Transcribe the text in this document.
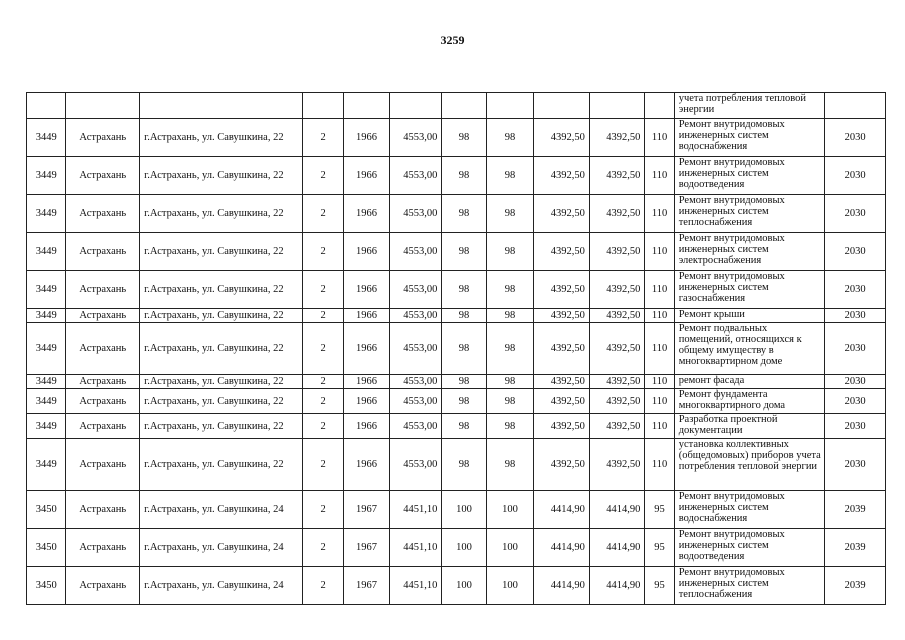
3259
											учета потребления тепловой энергии	
3449	Астрахань	г.Астрахань, ул. Савушкина, 22	2	1966	4553,00	98	98	4392,50	4392,50	110	Ремонт внутридомовых инженерных систем водоснабжения	2030
3449	Астрахань	г.Астрахань, ул. Савушкина, 22	2	1966	4553,00	98	98	4392,50	4392,50	110	Ремонт внутридомовых инженерных систем водоотведения	2030
3449	Астрахань	г.Астрахань, ул. Савушкина, 22	2	1966	4553,00	98	98	4392,50	4392,50	110	Ремонт внутридомовых инженерных систем теплоснабжения	2030
3449	Астрахань	г.Астрахань, ул. Савушкина, 22	2	1966	4553,00	98	98	4392,50	4392,50	110	Ремонт внутридомовых инженерных систем электроснабжения	2030
3449	Астрахань	г.Астрахань, ул. Савушкина, 22	2	1966	4553,00	98	98	4392,50	4392,50	110	Ремонт внутридомовых инженерных систем газоснабжения	2030
3449	Астрахань	г.Астрахань, ул. Савушкина, 22	2	1966	4553,00	98	98	4392,50	4392,50	110	Ремонт крыши	2030
3449	Астрахань	г.Астрахань, ул. Савушкина, 22	2	1966	4553,00	98	98	4392,50	4392,50	110	Ремонт подвальных помещений, относящихся к общему имуществу в многоквартирном доме	2030
3449	Астрахань	г.Астрахань, ул. Савушкина, 22	2	1966	4553,00	98	98	4392,50	4392,50	110	ремонт фасада	2030
3449	Астрахань	г.Астрахань, ул. Савушкина, 22	2	1966	4553,00	98	98	4392,50	4392,50	110	Ремонт фундамента многоквартирного дома	2030
3449	Астрахань	г.Астрахань, ул. Савушкина, 22	2	1966	4553,00	98	98	4392,50	4392,50	110	Разработка проектной документации	2030
3449	Астрахань	г.Астрахань, ул. Савушкина, 22	2	1966	4553,00	98	98	4392,50	4392,50	110	установка коллективных (общедомовых) приборов учета потребления тепловой энергии	2030
3450	Астрахань	г.Астрахань, ул. Савушкина, 24	2	1967	4451,10	100	100	4414,90	4414,90	95	Ремонт внутридомовых инженерных систем водоснабжения	2039
3450	Астрахань	г.Астрахань, ул. Савушкина, 24	2	1967	4451,10	100	100	4414,90	4414,90	95	Ремонт внутридомовых инженерных систем водоотведения	2039
3450	Астрахань	г.Астрахань, ул. Савушкина, 24	2	1967	4451,10	100	100	4414,90	4414,90	95	Ремонт внутридомовых инженерных систем теплоснабжения	2039
